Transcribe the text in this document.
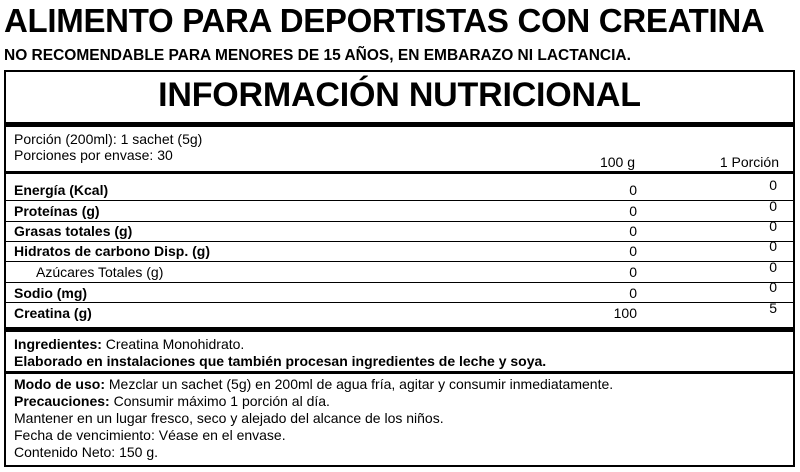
ALIMENTO PARA DEPORTISTAS CON CREATINA
NO RECOMENDABLE PARA MENORES DE 15 AÑOS, EN EMBARAZO NI LACTANCIA.
INFORMACIÓN NUTRICIONAL
Porción (200ml): 1 sachet (5g)
Porciones por envase: 30	100 g	1 Porción
Energía (Kcal)	0	0
Proteínas (g)	0	0
Grasas totales (g)	0	0
Hidratos de carbono Disp. (g)	0	0
Azúcares Totales (g)	0	0
Sodio (mg)	0	0
Creatina (g)	100	5
Ingredientes: Creatina Monohidrato.
Elaborado en instalaciones que también procesan ingredientes de leche y soya.
Modo de uso: Mezclar un sachet (5g) en 200ml de agua fría, agitar y consumir inmediatamente.
Precauciones: Consumir máximo 1 porción al día.
Mantener en un lugar fresco, seco y alejado del alcance de los niños.
Fecha de vencimiento: Véase en el envase.
Contenido Neto: 150 g.
